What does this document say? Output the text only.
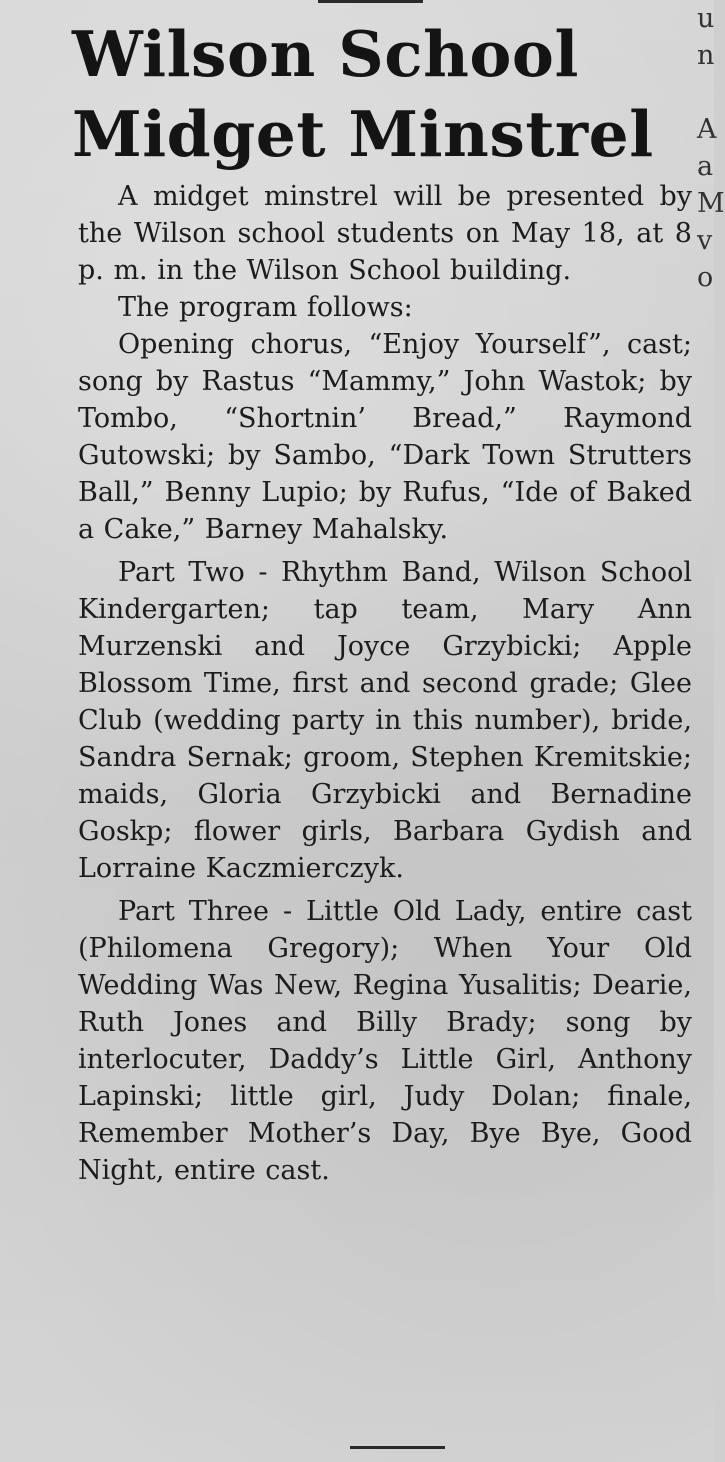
Wilson School
Midget Minstrel

A midget minstrel will be presented by the Wilson school students on May 18, at 8 p. m. in the Wilson School building.

The program follows:

Opening chorus, “Enjoy Yourself”, cast; song by Rastus “Mammy,” John Wastok; by Tombo, “Shortnin’ Bread,” Raymond Gutowski; by Sambo, “Dark Town Strutters Ball,” Benny Lupio; by Rufus, “Ide of Baked a Cake,” Barney Mahalsky.

Part Two - Rhythm Band, Wilson School Kindergarten; tap team, Mary Ann Murzenski and Joyce Grzybicki; Apple Blossom Time, first and second grade; Glee Club (wedding party in this number), bride, Sandra Sernak; groom, Stephen Kremitskie; maids, Gloria Grzybicki and Bernadine Goskp; flower girls, Barbara Gydish and Lorraine Kaczmierczyk.

Part Three - Little Old Lady, entire cast (Philomena Gregory); When Your Old Wedding Was New, Regina Yusalitis; Dearie, Ruth Jones and Billy Brady; song by interlocuter, Daddy’s Little Girl, Anthony Lapinski; little girl, Judy Dolan; finale, Remember Mother’s Day, Bye Bye, Good Night, entire cast.

u
n

A
a
M
v
o
